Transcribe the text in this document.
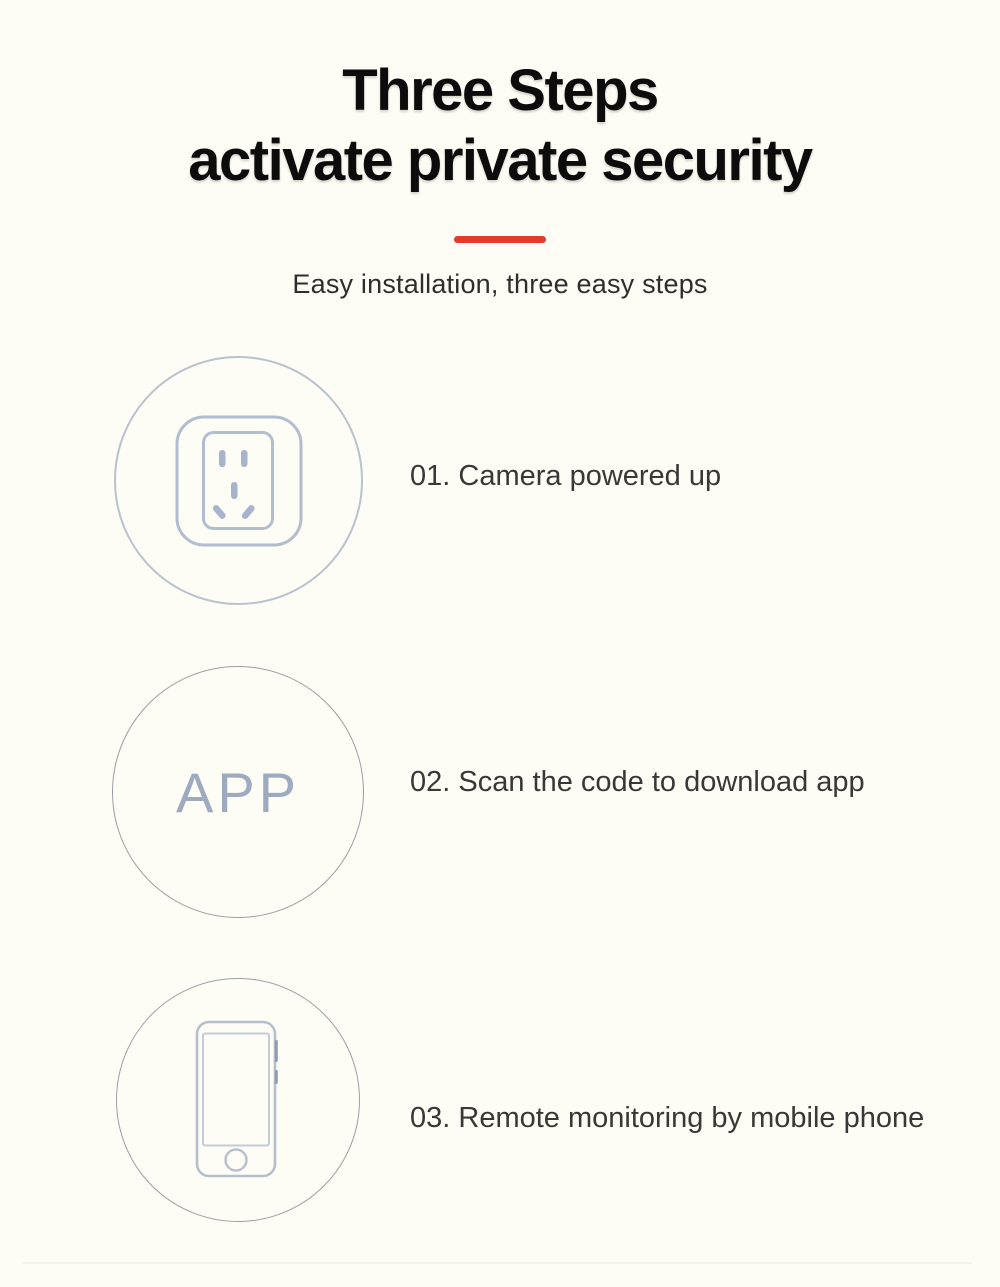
Three Steps
activate private security

Easy installation, three easy steps

01. Camera powered up
APP	02. Scan the code to download app
03. Remote monitoring by mobile phone
